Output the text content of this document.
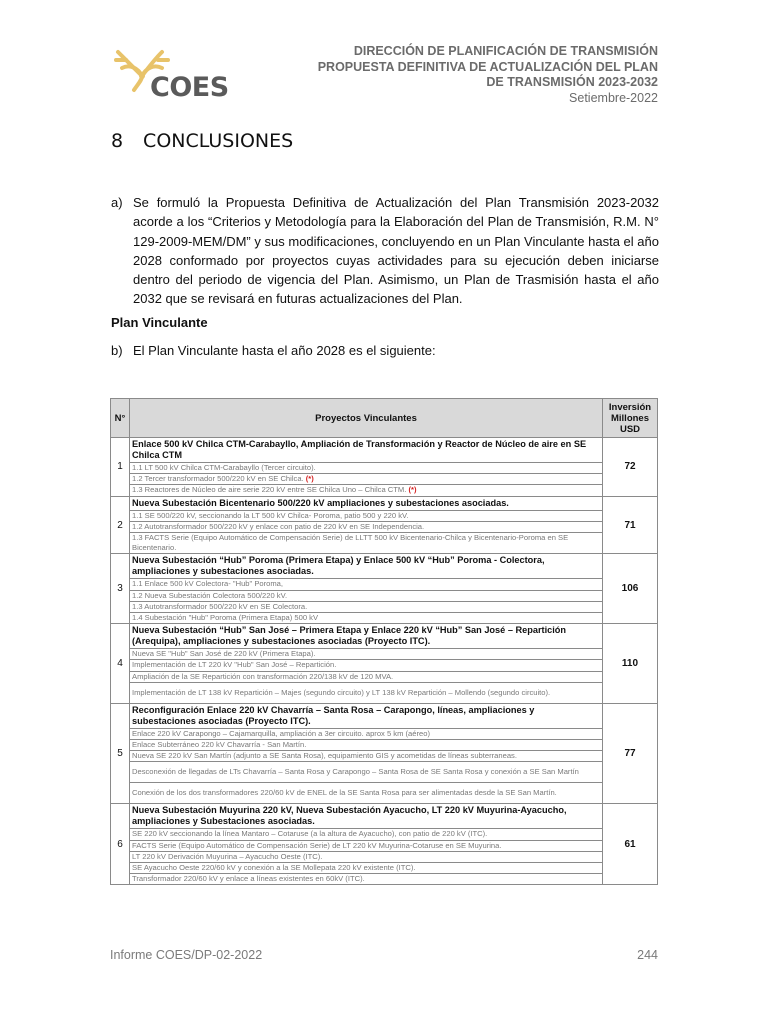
COES
DIRECCIÓN DE PLANIFICACIÓN DE TRANSMISIÓN
PROPUESTA DEFINITIVA DE ACTUALIZACIÓN DEL PLAN
DE TRANSMISIÓN 2023-2032
Setiembre-2022
8 CONCLUSIONES
a) Se formuló la Propuesta Definitiva de Actualización del Plan Transmisión 2023-2032 acorde a los “Criterios y Metodología para la Elaboración del Plan de Transmisión, R.M. N° 129-2009-MEM/DM” y sus modificaciones, concluyendo en un Plan Vinculante hasta el año 2028 conformado por proyectos cuyas actividades para su ejecución deben iniciarse dentro del periodo de vigencia del Plan. Asimismo, un Plan de Trasmisión hasta el año 2032 que se revisará en futuras actualizaciones del Plan.
Plan Vinculante
b) El Plan Vinculante hasta el año 2028 es el siguiente:
N°	Proyectos Vinculantes	Inversión Millones USD
1	Enlace 500 kV Chilca CTM-Carabayllo, Ampliación de Transformación y Reactor de Núcleo de aire en SE Chilca CTM	72
	1.1 LT 500 kV Chilca CTM-Carabayllo (Tercer circuito).	
	1.2 Tercer transformador 500/220 kV en SE Chilca. (*)	
	1.3 Reactores de Núcleo de aire serie 220 kV entre SE Chilca Uno – Chilca CTM. (*)	
2	Nueva Subestación Bicentenario 500/220 kV ampliaciones y subestaciones asociadas.	71
	1.1 SE 500/220 kV, seccionando la LT 500 kV Chilca- Poroma, patio 500 y 220 kV.	
	1.2 Autotransformador 500/220 kV y enlace con patio de 220 kV en SE Independencia.	
	1.3 FACTS Serie (Equipo Automático de Compensación Serie) de LLTT 500 kV Bicentenario-Chilca y Bicentenario-Poroma en SE Bicentenario.	
3	Nueva Subestación “Hub” Poroma (Primera Etapa) y Enlace 500 kV “Hub” Poroma - Colectora, ampliaciones y subestaciones asociadas.	106
	1.1 Enlace 500 kV Colectora- "Hub" Poroma,	
	1.2 Nueva Subestación Colectora 500/220 kV.	
	1.3 Autotransformador 500/220 kV en SE Colectora.	
	1.4 Subestación "Hub" Poroma (Primera Etapa) 500 kV	
4	Nueva Subestación “Hub” San José – Primera Etapa y Enlace 220 kV “Hub” San José – Repartición (Arequipa), ampliaciones y subestaciones asociadas (Proyecto ITC).	110
	Nueva SE "Hub" San José de 220 kV (Primera Etapa).	
	Implementación de LT 220 kV "Hub" San José – Repartición.	
	Ampliación de la SE Repartición con transformación 220/138 kV de 120 MVA.	
	Implementación de LT 138 kV Repartición – Majes (segundo circuito) y LT 138 kV Repartición – Mollendo (segundo circuito).	
5	Reconfiguración Enlace 220 kV Chavarría – Santa Rosa – Carapongo, líneas, ampliaciones y subestaciones asociadas (Proyecto ITC).	77
	Enlace 220 kV Carapongo – Cajamarquilla, ampliación a 3er circuito. aprox 5 km (aéreo)	
	Enlace Subterráneo 220 kV Chavarría - San Martín.	
	Nueva SE 220 kV San Martín (adjunto a SE Santa Rosa), equipamiento GIS y acometidas de líneas subterraneas.	
	Desconexión de llegadas de LTs Chavarría – Santa Rosa y Carapongo – Santa Rosa de SE Santa Rosa y conexión a SE San Martín	
	Conexión de los dos transformadores 220/60 kV de ENEL de la SE Santa Rosa para ser alimentadas desde la SE San Martín.	
6	Nueva Subestación Muyurina 220 kV, Nueva Subestación Ayacucho, LT 220 kV Muyurina-Ayacucho, ampliaciones y Subestaciones asociadas.	61
	SE 220 kV seccionando la línea Mantaro – Cotaruse (a la altura de Ayacucho), con patio de 220 kV (ITC).	
	FACTS Serie (Equipo Automático de Compensación Serie) de LT 220 kV Muyurina-Cotaruse en SE Muyurina.	
	LT 220 kV Derivación Muyurina – Ayacucho Oeste (ITC).	
	SE Ayacucho Oeste 220/60 kV y conexión a la SE Mollepata 220 kV existente (ITC).	
	Transformador 220/60 kV y enlace a líneas existentes en 60kV (ITC).	
Informe COES/DP-02-2022	244
